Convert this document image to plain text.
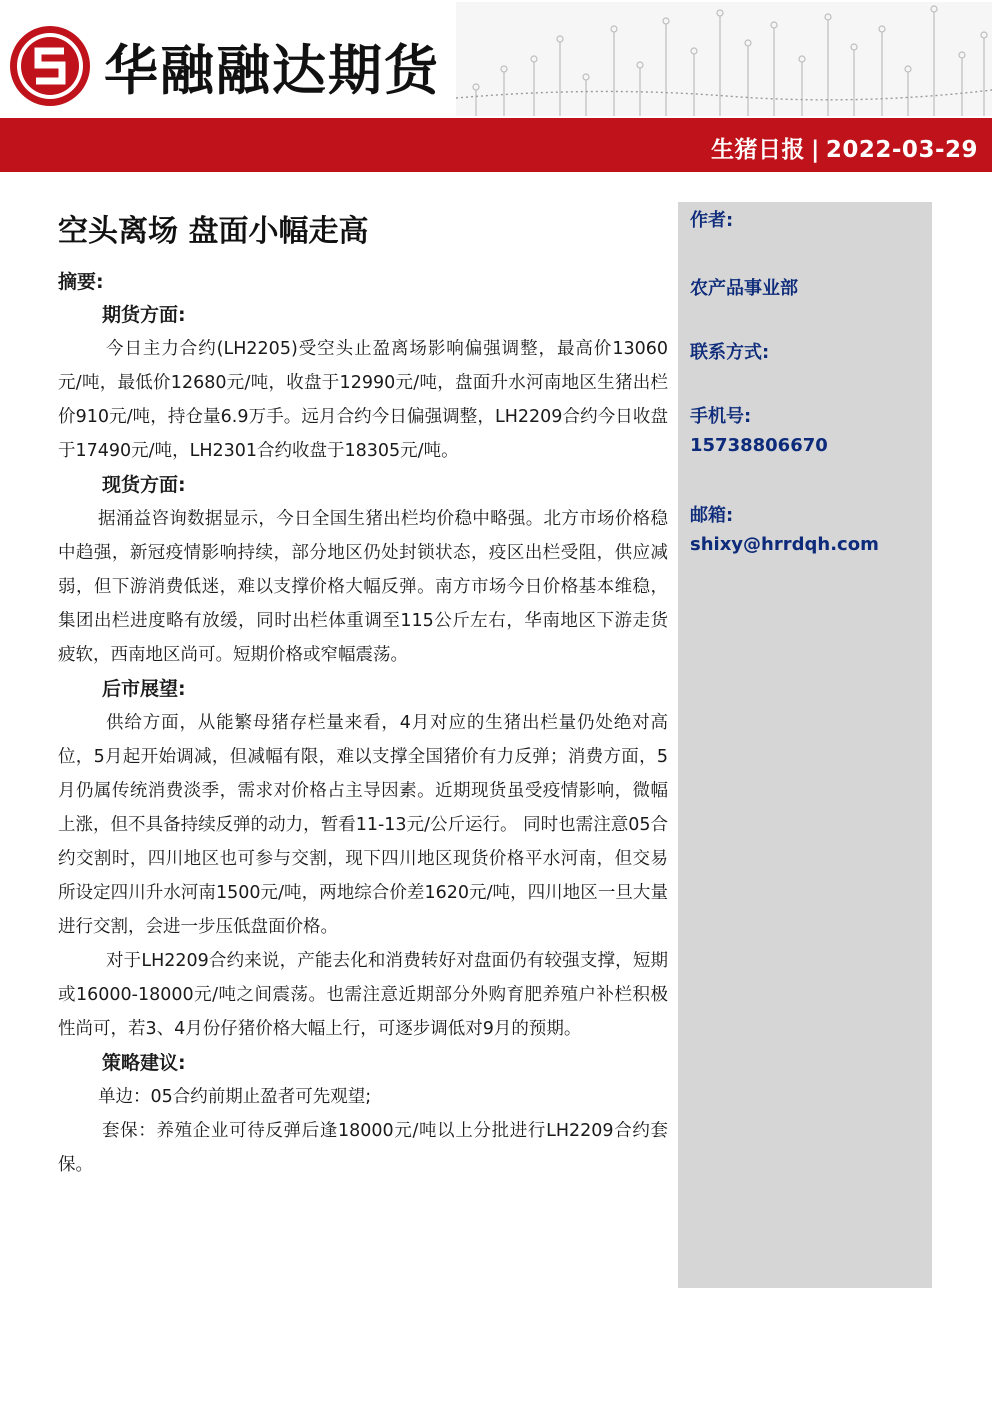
华融融达期货
生猪日报 | 2022-03-29
作者:
农产品事业部
联系方式:
手机号:
15738806670
邮箱:
shixy@hrrdqh.com
空头离场 盘面小幅走高
摘要:
期货方面:

今日主力合约(LH2205)受空头止盈离场影响偏强调整，最高价13060元/吨，最低价12680元/吨，收盘于12990元/吨，盘面升水河南地区生猪出栏价910元/吨，持仓量6.9万手。远月合约今日偏强调整，LH2209合约今日收盘于17490元/吨，LH2301合约收盘于18305元/吨。

现货方面:

据涌益咨询数据显示，今日全国生猪出栏均价稳中略强。北方市场价格稳中趋强，新冠疫情影响持续，部分地区仍处封锁状态，疫区出栏受阻，供应减弱，但下游消费低迷，难以支撑价格大幅反弹。南方市场今日价格基本维稳，集团出栏进度略有放缓，同时出栏体重调至115公斤左右，华南地区下游走货疲软，西南地区尚可。短期价格或窄幅震荡。

后市展望:

供给方面，从能繁母猪存栏量来看，4月对应的生猪出栏量仍处绝对高位，5月起开始调减，但减幅有限，难以支撑全国猪价有力反弹；消费方面，5月仍属传统消费淡季，需求对价格占主导因素。近期现货虽受疫情影响，微幅上涨，但不具备持续反弹的动力，暂看11-13元/公斤运行。 同时也需注意05合约交割时，四川地区也可参与交割，现下四川地区现货价格平水河南，但交易所设定四川升水河南1500元/吨，两地综合价差1620元/吨，四川地区一旦大量进行交割，会进一步压低盘面价格。

对于LH2209合约来说，产能去化和消费转好对盘面仍有较强支撑，短期或16000-18000元/吨之间震荡。也需注意近期部分外购育肥养殖户补栏积极性尚可，若3、4月份仔猪价格大幅上行，可逐步调低对9月的预期。

策略建议:

单边：05合约前期止盈者可先观望;

套保：养殖企业可待反弹后逢18000元/吨以上分批进行LH2209合约套保。
